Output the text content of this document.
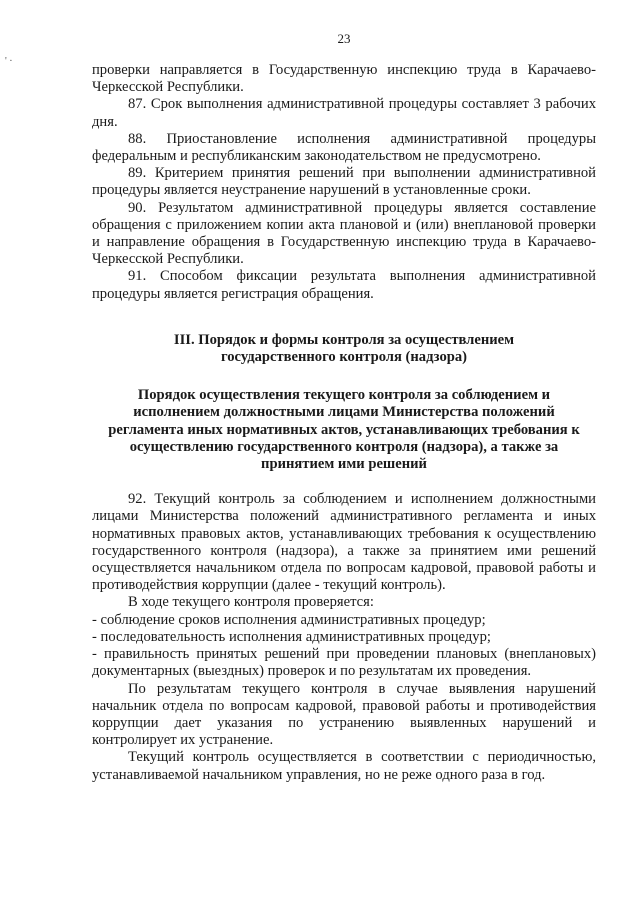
' ·
23

проверки направляется в Государственную инспекцию труда в Карачаево-Черкесской Республики.

87. Срок выполнения административной процедуры составляет 3 рабочих дня.

88. Приостановление исполнения административной процедуры федеральным и республиканским законодательством не предусмотрено.

89. Критерием принятия решений при выполнении административной процедуры является неустранение нарушений в установленные сроки.

90. Результатом административной процедуры является составление обращения с приложением копии акта плановой и (или) внеплановой проверки и направление обращения в Государственную инспекцию труда в Карачаево-Черкесской Республики.

91. Способом фиксации результата выполнения административной процедуры является регистрация обращения.

III. Порядок и формы контроля за осуществлением

государственного контроля (надзора)

Порядок осуществления текущего контроля за соблюдением и

исполнением должностными лицами Министерства положений

регламента иных нормативных актов, устанавливающих требования к

осуществлению государственного контроля (надзора), а также за

принятием ими решений

92. Текущий контроль за соблюдением и исполнением должностными лицами Министерства положений административного регламента и иных нормативных правовых актов, устанавливающих требования к осуществлению государственного контроля (надзора), а также за принятием ими решений осуществляется начальником отдела по вопросам кадровой, правовой работы и противодействия коррупции (далее - текущий контроль).

В ходе текущего контроля проверяется:

- соблюдение сроков исполнения административных процедур;

- последовательность исполнения административных процедур;

- правильность принятых решений при проведении плановых (внеплановых) документарных (выездных) проверок и по результатам их проведения.

По результатам текущего контроля в случае выявления нарушений начальник отдела по вопросам кадровой, правовой работы и противодействия коррупции дает указания по устранению выявленных нарушений и контролирует их устранение.

Текущий контроль осуществляется в соответствии с периодичностью, устанавливаемой начальником управления, но не реже одного раза в год.
